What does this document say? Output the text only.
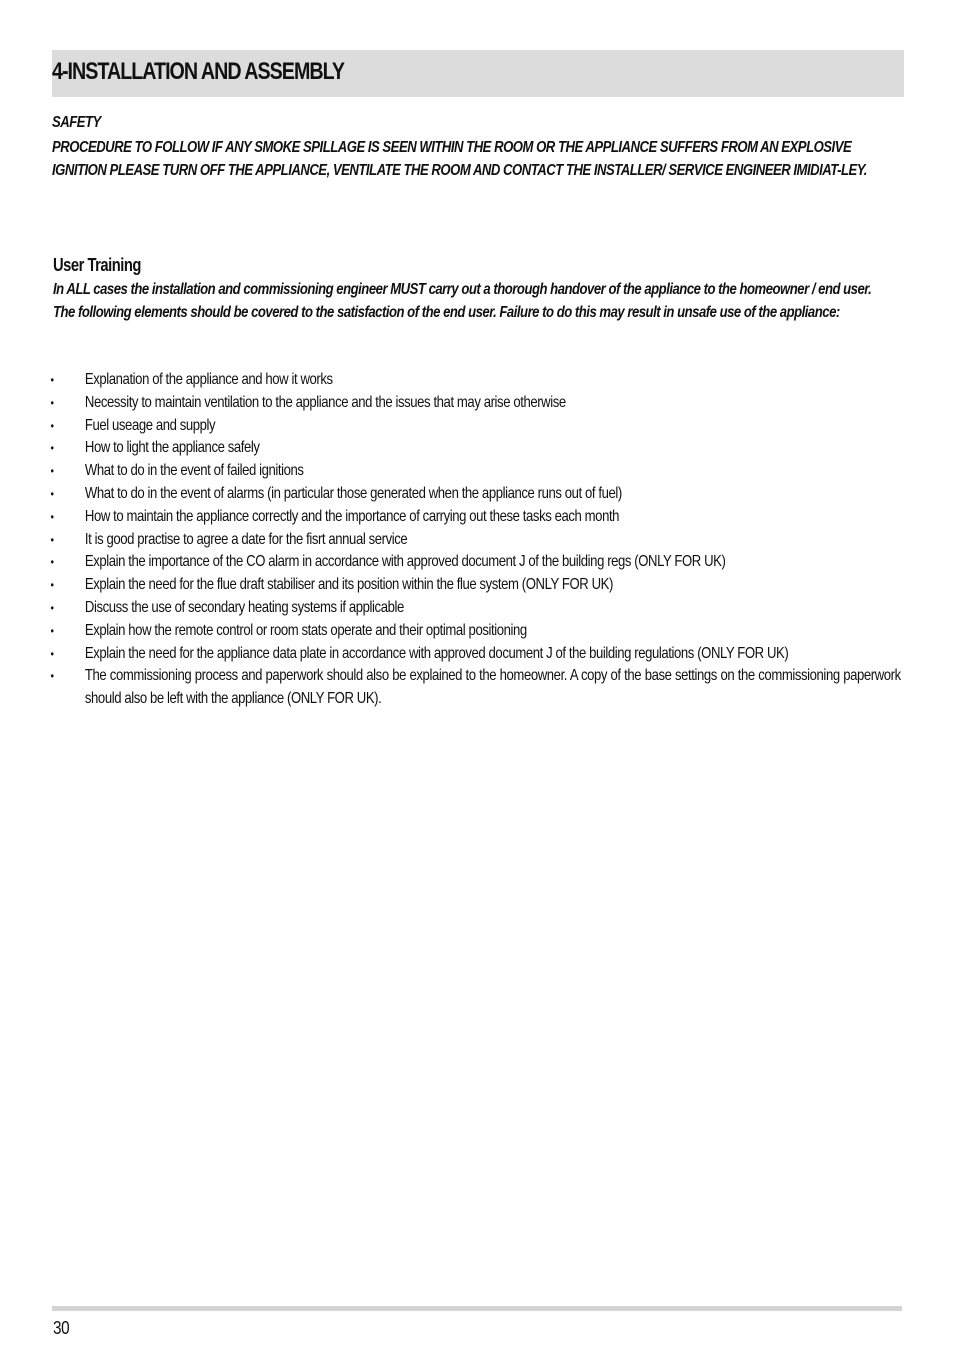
4-INSTALLATION AND ASSEMBLY
SAFETY
PROCEDURE TO FOLLOW IF ANY SMOKE SPILLAGE IS SEEN WITHIN THE ROOM OR THE APPLIANCE SUFFERS FROM AN EXPLOSIVE IGNITION PLEASE TURN OFF THE APPLIANCE, VENTILATE THE ROOM AND CONTACT THE INSTALLER/ SERVICE ENGINEER IMIDIAT-LEY.
User Training
In ALL cases the installation and commissioning engineer MUST carry out a thorough handover of the appliance to the homeowner / end user. The following elements should be covered to the satisfaction of the end user. Failure to do this may result in unsafe use of the appliance:
• Explanation of the appliance and how it works
• Necessity to maintain ventilation to the appliance and the issues that may arise otherwise
• Fuel useage and supply
• How to light the appliance safely
• What to do in the event of failed ignitions
• What to do in the event of alarms (in particular those generated when the appliance runs out of fuel)
• How to maintain the appliance correctly and the importance of carrying out these tasks each month
• It is good practise to agree a date for the fisrt annual service
• Explain the importance of the CO alarm in accordance with approved document J of the building regs (ONLY FOR UK)
• Explain the need for the flue draft stabiliser and its position within the flue system (ONLY FOR UK)
• Discuss the use of secondary heating systems if applicable
• Explain how the remote control or room stats operate and their optimal positioning
• Explain the need for the appliance data plate in accordance with approved document J of the building regulations (ONLY FOR UK)
• The commissioning process and paperwork should also be explained to the homeowner. A copy of the base settings on the commissioning paperwork should also be left with the appliance (ONLY FOR UK).
30
